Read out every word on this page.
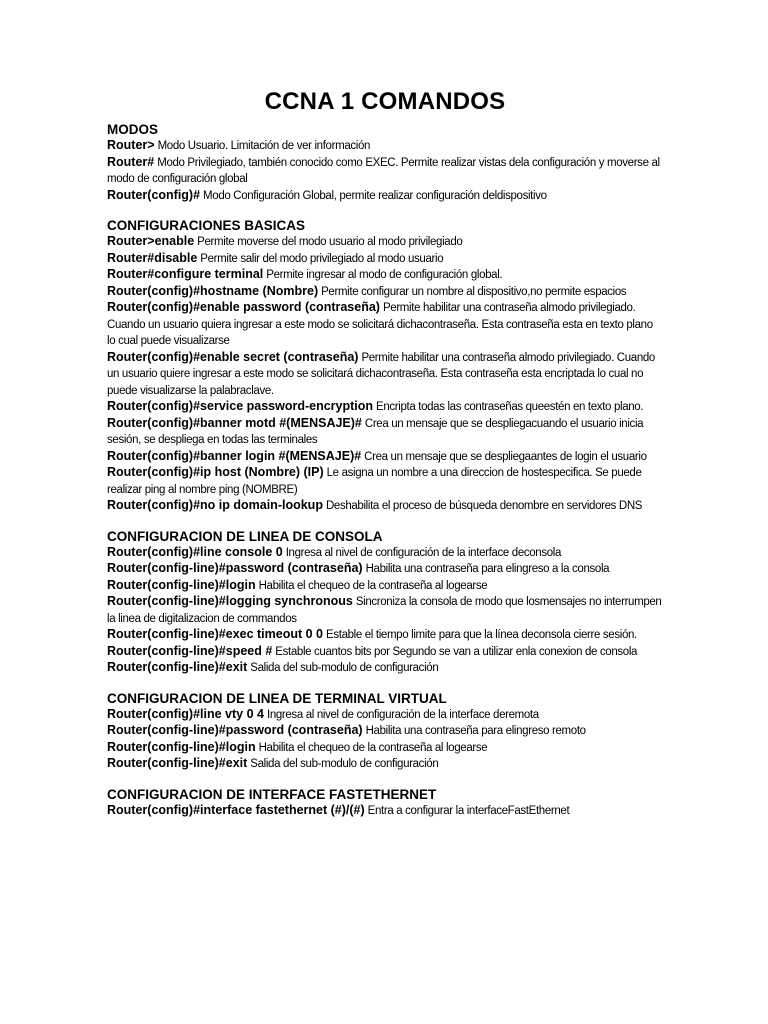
CCNA 1 COMANDOS
MODOS

Router> Modo Usuario. Limitación de ver información

Router# Modo Privilegiado, también conocido como EXEC. Permite realizar vistas dela configuración y moverse al modo de configuración global

Router(config)# Modo Configuración Global, permite realizar configuración deldispositivo

CONFIGURACIONES BASICAS

Router>enable Permite moverse del modo usuario al modo privilegiado

Router#disable Permite salir del modo privilegiado al modo usuario

Router#configure terminal Permite ingresar al modo de configuración global.

Router(config)#hostname (Nombre) Permite configurar un nombre al dispositivo,no permite espacios

Router(config)#enable password (contraseña) Permite habilitar una contraseña almodo privilegiado. Cuando un usuario quiera ingresar a este modo se solicitará dichacontraseña. Esta contraseña esta en texto plano lo cual puede visualizarse

Router(config)#enable secret (contraseña) Permite habilitar una contraseña almodo privilegiado. Cuando un usuario quiere ingresar a este modo se solicitará dichacontraseña. Esta contraseña esta encriptada lo cual no puede visualizarse la palabraclave.

Router(config)#service password-encryption Encripta todas las contraseñas queestén en texto plano.

Router(config)#banner motd #(MENSAJE)# Crea un mensaje que se despliegacuando el usuario inicia sesión, se despliega en todas las terminales

Router(config)#banner login #(MENSAJE)# Crea un mensaje que se despliegaantes de login el usuario

Router(config)#ip host (Nombre) (IP) Le asigna un nombre a una direccion de hostespecifica. Se puede realizar ping al nombre ping (NOMBRE)

Router(config)#no ip domain-lookup Deshabilita el proceso de búsqueda denombre en servidores DNS

CONFIGURACION DE LINEA DE CONSOLA

Router(config)#line console 0 Ingresa al nivel de configuración de la interface deconsola

Router(config-line)#password (contraseña) Habilita una contraseña para elingreso a la consola

Router(config-line)#login Habilita el chequeo de la contraseña al logearse

Router(config-line)#logging synchronous Sincroniza la consola de modo que losmensajes no interrumpen la linea de digitalizacion de commandos

Router(config-line)#exec timeout 0 0 Estable el tiempo limite para que la línea deconsola cierre sesión.

Router(config-line)#speed # Estable cuantos bits por Segundo se van a utilizar enla conexion de consola

Router(config-line)#exit Salida del sub-modulo de configuración

CONFIGURACION DE LINEA DE TERMINAL VIRTUAL

Router(config)#line vty 0 4 Ingresa al nivel de configuración de la interface deremota

Router(config-line)#password (contraseña) Habilita una contraseña para elingreso remoto

Router(config-line)#login Habilita el chequeo de la contraseña al logearse

Router(config-line)#exit Salida del sub-modulo de configuración

CONFIGURACION DE INTERFACE FASTETHERNET

Router(config)#interface fastethernet (#)/(#) Entra a configurar la interfaceFastEthernet
